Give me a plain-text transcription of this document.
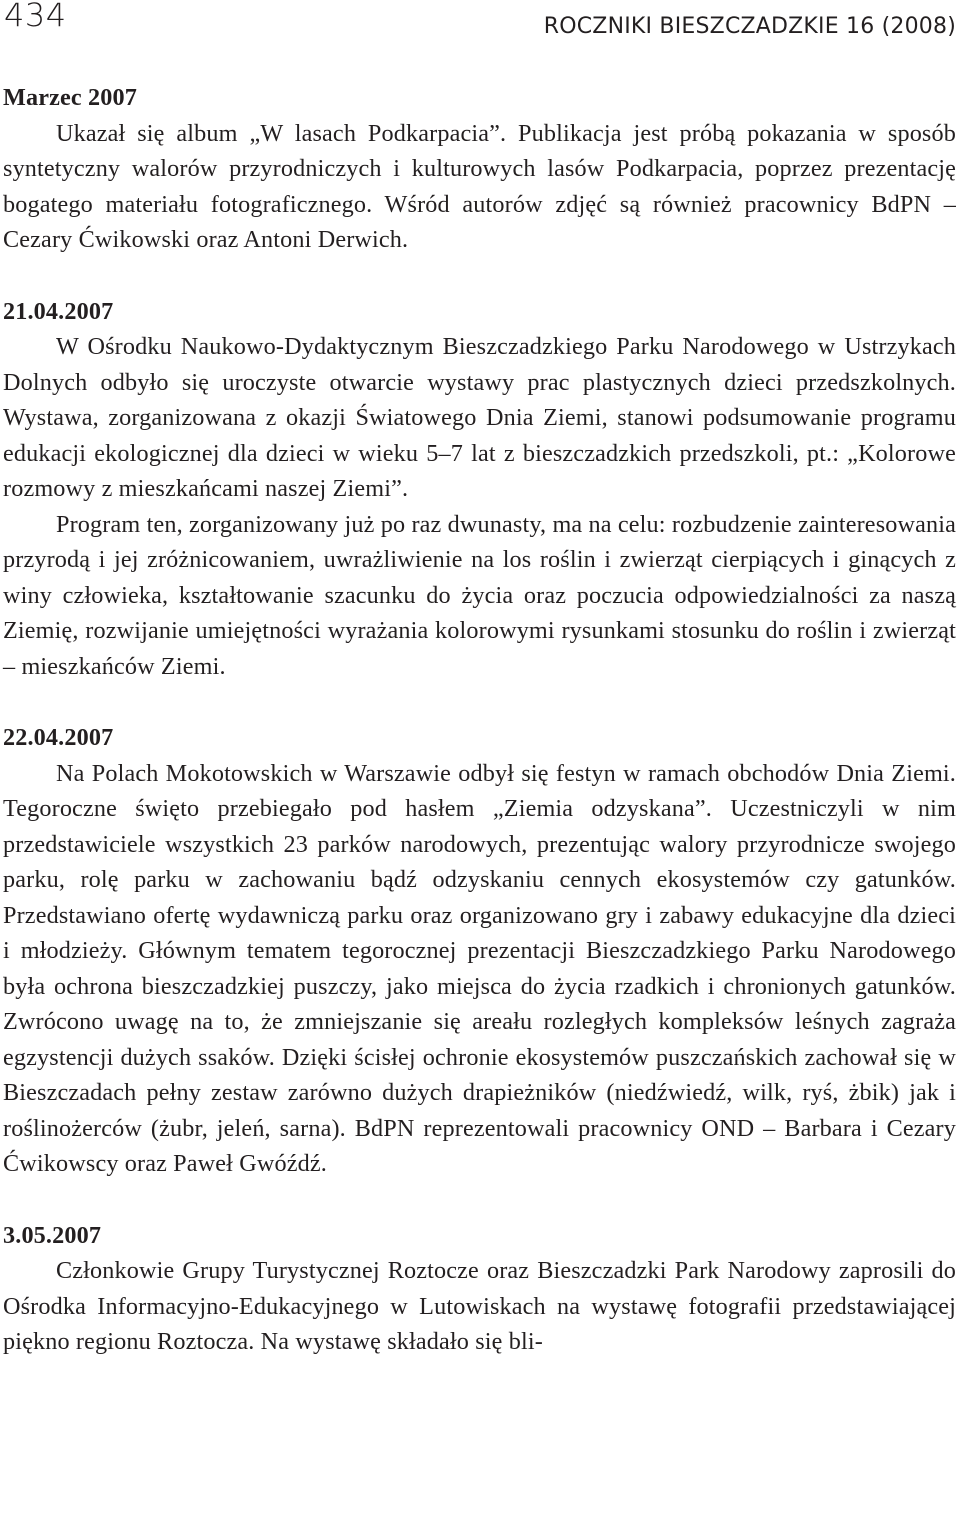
434	ROCZNIKI BIESZCZADZKIE 16 (2008)

Marzec 2007

Ukazał się album „W lasach Podkarpacia”. Publikacja jest próbą pokazania w sposób syntetyczny walorów przyrodniczych i kulturowych lasów Podkarpacia, poprzez prezentację bogatego materiału fotograficznego. Wśród autorów zdjęć są również pracownicy BdPN – Cezary Ćwikowski oraz Antoni Derwich.

21.04.2007

W Ośrodku Naukowo-Dydaktycznym Bieszczadzkiego Parku Narodowego w Ustrzykach Dolnych odbyło się uroczyste otwarcie wystawy prac plastycznych dzieci przedszkolnych. Wystawa, zorganizowana z okazji Światowego Dnia Ziemi, stanowi podsumowanie programu edukacji ekologicznej dla dzieci w wieku 5–7 lat z bieszczadzkich przedszkoli, pt.: „Kolorowe rozmowy z mieszkańcami naszej Ziemi”.

Program ten, zorganizowany już po raz dwunasty, ma na celu: rozbudzenie zainteresowania przyrodą i jej zróżnicowaniem, uwrażliwienie na los roślin i zwierząt cierpiących i ginących z winy człowieka, kształtowanie szacunku do życia oraz poczucia odpowiedzialności za naszą Ziemię, rozwijanie umiejętności wyrażania kolorowymi rysunkami stosunku do roślin i zwierząt – mieszkańców Ziemi.

22.04.2007

Na Polach Mokotowskich w Warszawie odbył się festyn w ramach obchodów Dnia Ziemi. Tegoroczne święto przebiegało pod hasłem „Ziemia odzyskana”. Uczestniczyli w nim przedstawiciele wszystkich 23 parków narodowych, prezentując walory przyrodnicze swojego parku, rolę parku w zachowaniu bądź odzyskaniu cennych ekosystemów czy gatunków. Przedstawiano ofertę wydawniczą parku oraz organizowano gry i zabawy edukacyjne dla dzieci i młodzieży. Głównym tematem tegorocznej prezentacji Bieszczadzkiego Parku Narodowego była ochrona bieszczadzkiej puszczy, jako miejsca do życia rzadkich i chronionych gatunków. Zwrócono uwagę na to, że zmniejszanie się areału rozległych kompleksów leśnych zagraża egzystencji dużych ssaków. Dzięki ścisłej ochronie ekosystemów puszczańskich zachował się w Bieszczadach pełny zestaw zarówno dużych drapieżników (niedźwiedź, wilk, ryś, żbik) jak i roślinożerców (żubr, jeleń, sarna). BdPN reprezentowali pracownicy OND – Barbara i Cezary Ćwikowscy oraz Paweł Gwóźdź.

3.05.2007

Członkowie Grupy Turystycznej Roztocze oraz Bieszczadzki Park Narodowy zaprosili do Ośrodka Informacyjno-Edukacyjnego w Lutowiskach na wystawę fotografii przedstawiającej piękno regionu Roztocza. Na wystawę składało się bli-
